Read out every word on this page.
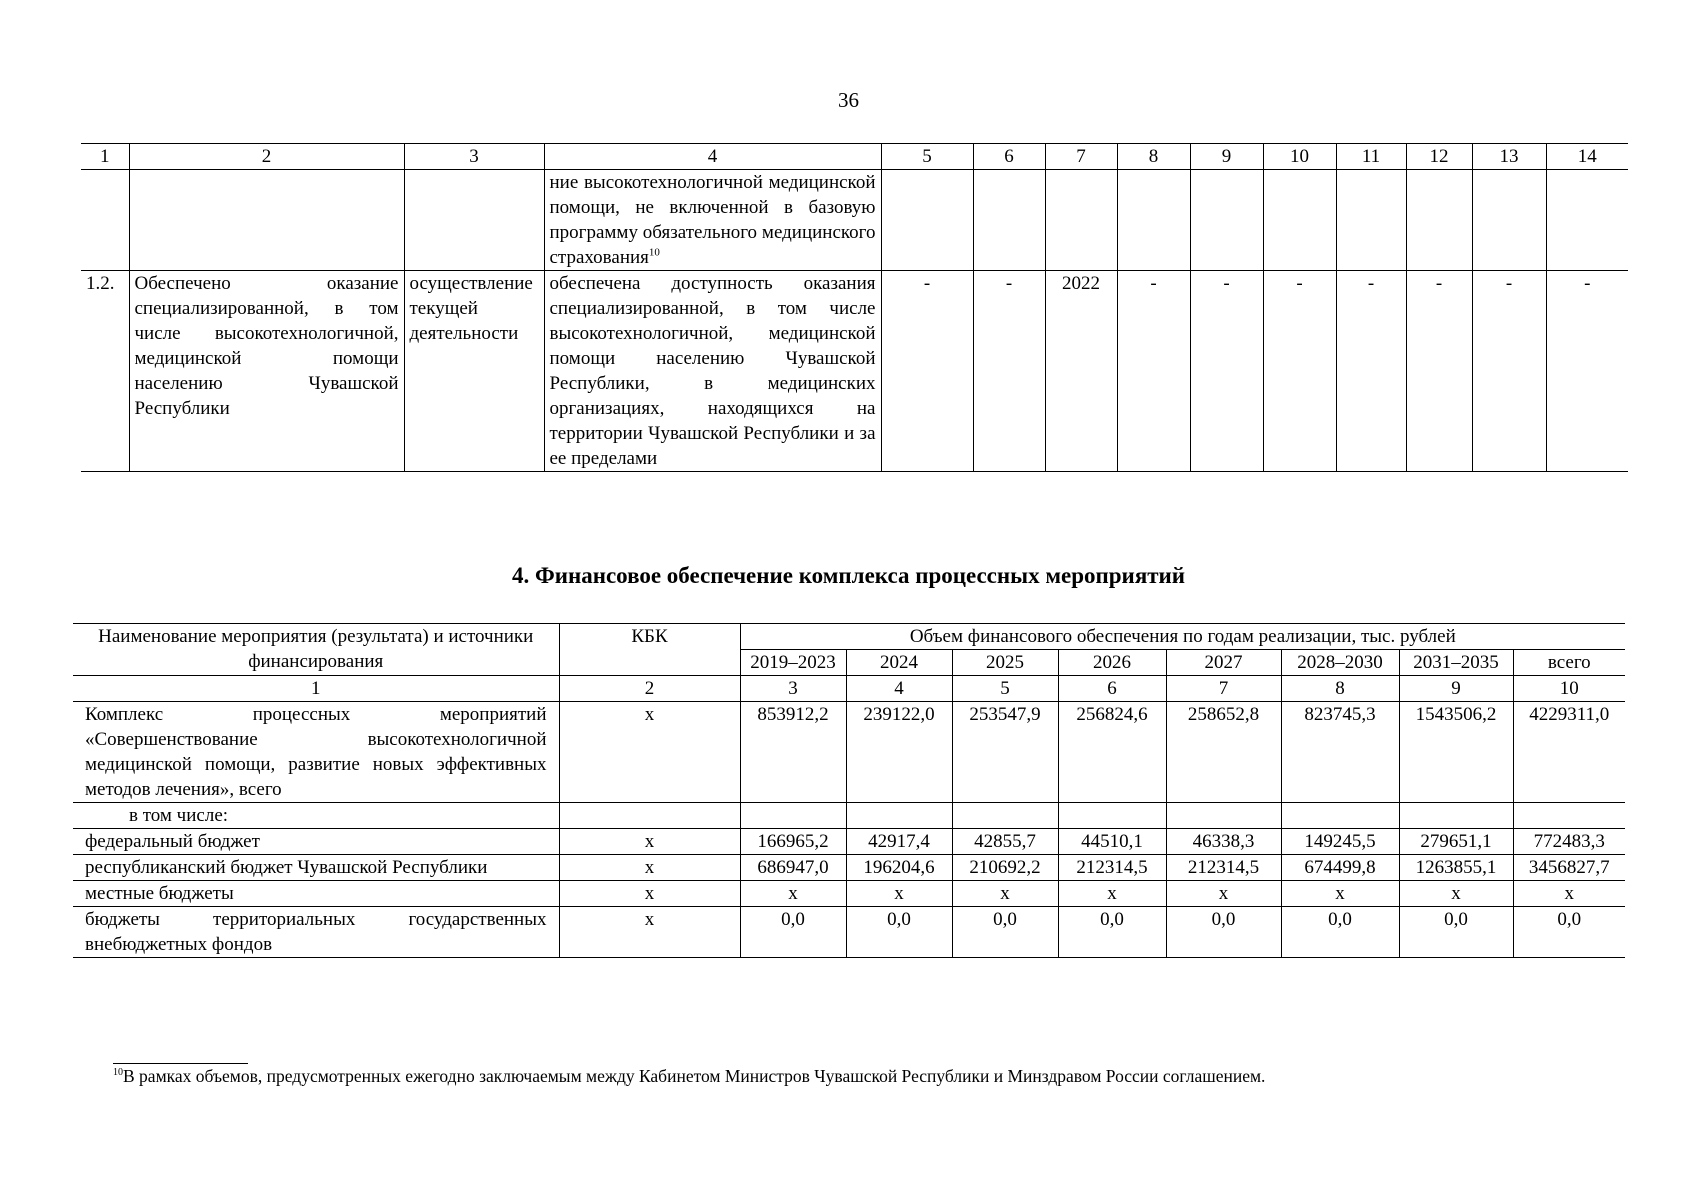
36
1	2	3	4	5	6	7	8	9	10	11	12	13	14
			ние высокотехнологичной медицинской помощи, не включенной в базовую программу обязательного медицинского страхования$^{10}$										
1.2.	Обеспечено оказание специализированной, в том числе высокотехнологичной, медицинской помощи населению Чувашской Республики	осуществление текущей деятельности	обеспечена доступность оказания специализированной, в том числе высокотехнологичной, медицинской помощи населению Чувашской Республики, в медицинских организациях, находящихся на территории Чувашской Республики и за ее пределами	-	-	2022	-	-	-	-	-	-	-
4. Финансовое обеспечение комплекса процессных мероприятий
Наименование мероприятия (результата) и источники финансирования	КБК	Объем финансового обеспечения по годам реализации, тыс. рублей							
		2019–2023	2024	2025	2026	2027	2028–2030	2031–2035	всего
1	2	3	4	5	6	7	8	9	10
Комплекс процессных мероприятий «Совершенствование высокотехнологичной медицинской помощи, развитие новых эффективных методов лечения», всего	x	853912,2	239122,0	253547,9	256824,6	258652,8	823745,3	1543506,2	4229311,0
в том числе:									
федеральный бюджет	x	166965,2	42917,4	42855,7	44510,1	46338,3	149245,5	279651,1	772483,3
республиканский бюджет Чувашской Республики	x	686947,0	196204,6	210692,2	212314,5	212314,5	674499,8	1263855,1	3456827,7
местные бюджеты	x	x	x	x	x	x	x	x	x
бюджеты территориальных государственных внебюджетных фондов	x	0,0	0,0	0,0	0,0	0,0	0,0	0,0	0,0
$^{10}$В рамках объемов, предусмотренных ежегодно заключаемым между Кабинетом Министров Чувашской Республики и Минздравом России соглашением.
